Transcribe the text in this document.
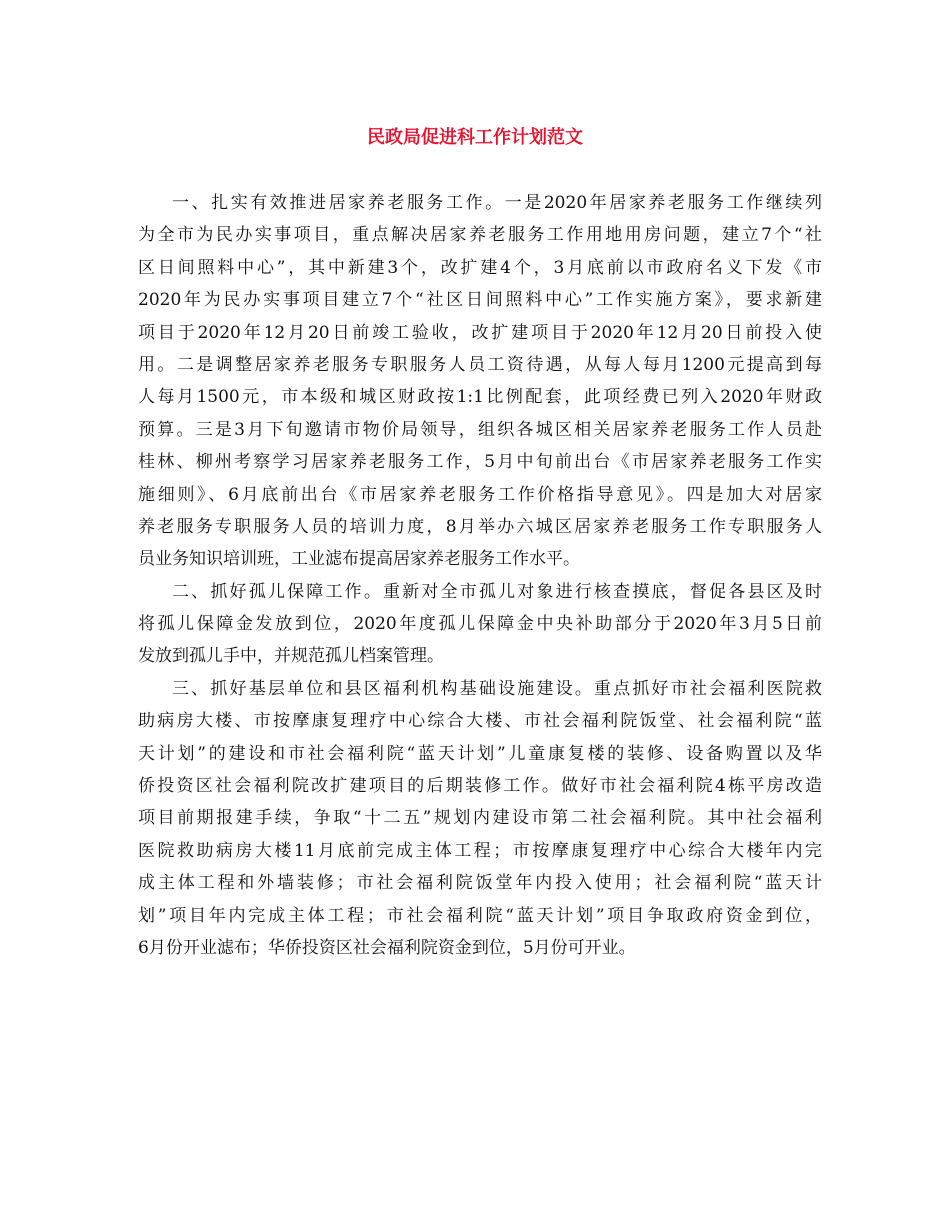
民政局促进科工作计划范文
一、扎实有效推进居家养老服务工作。一是2020年居家养老服务工作继续列
为全市为民办实事项目，重点解决居家养老服务工作用地用房问题，建立7个“社
区日间照料中心”，其中新建3个，改扩建4个，3月底前以市政府名义下发《市
2020年为民办实事项目建立7个“社区日间照料中心”工作实施方案》，要求新建
项目于2020年12月20日前竣工验收，改扩建项目于2020年12月20日前投入使
用。二是调整居家养老服务专职服务人员工资待遇，从每人每月1200元提高到每
人每月1500元，市本级和城区财政按1:1比例配套，此项经费已列入2020年财政
预算。三是3月下旬邀请市物价局领导，组织各城区相关居家养老服务工作人员赴
桂林、柳州考察学习居家养老服务工作，5月中旬前出台《市居家养老服务工作实
施细则》、6月底前出台《市居家养老服务工作价格指导意见》。四是加大对居家
养老服务专职服务人员的培训力度，8月举办六城区居家养老服务工作专职服务人
员业务知识培训班，工业滤布提高居家养老服务工作水平。
二、抓好孤儿保障工作。重新对全市孤儿对象进行核查摸底，督促各县区及时
将孤儿保障金发放到位，2020年度孤儿保障金中央补助部分于2020年3月5日前
发放到孤儿手中，并规范孤儿档案管理。
三、抓好基层单位和县区福利机构基础设施建设。重点抓好市社会福利医院救
助病房大楼、市按摩康复理疗中心综合大楼、市社会福利院饭堂、社会福利院“蓝
天计划”的建设和市社会福利院“蓝天计划”儿童康复楼的装修、设备购置以及华
侨投资区社会福利院改扩建项目的后期装修工作。做好市社会福利院4栋平房改造
项目前期报建手续，争取“十二五”规划内建设市第二社会福利院。其中社会福利
医院救助病房大楼11月底前完成主体工程；市按摩康复理疗中心综合大楼年内完
成主体工程和外墙装修；市社会福利院饭堂年内投入使用；社会福利院“蓝天计
划”项目年内完成主体工程；市社会福利院“蓝天计划”项目争取政府资金到位，
6月份开业滤布；华侨投资区社会福利院资金到位，5月份可开业。
